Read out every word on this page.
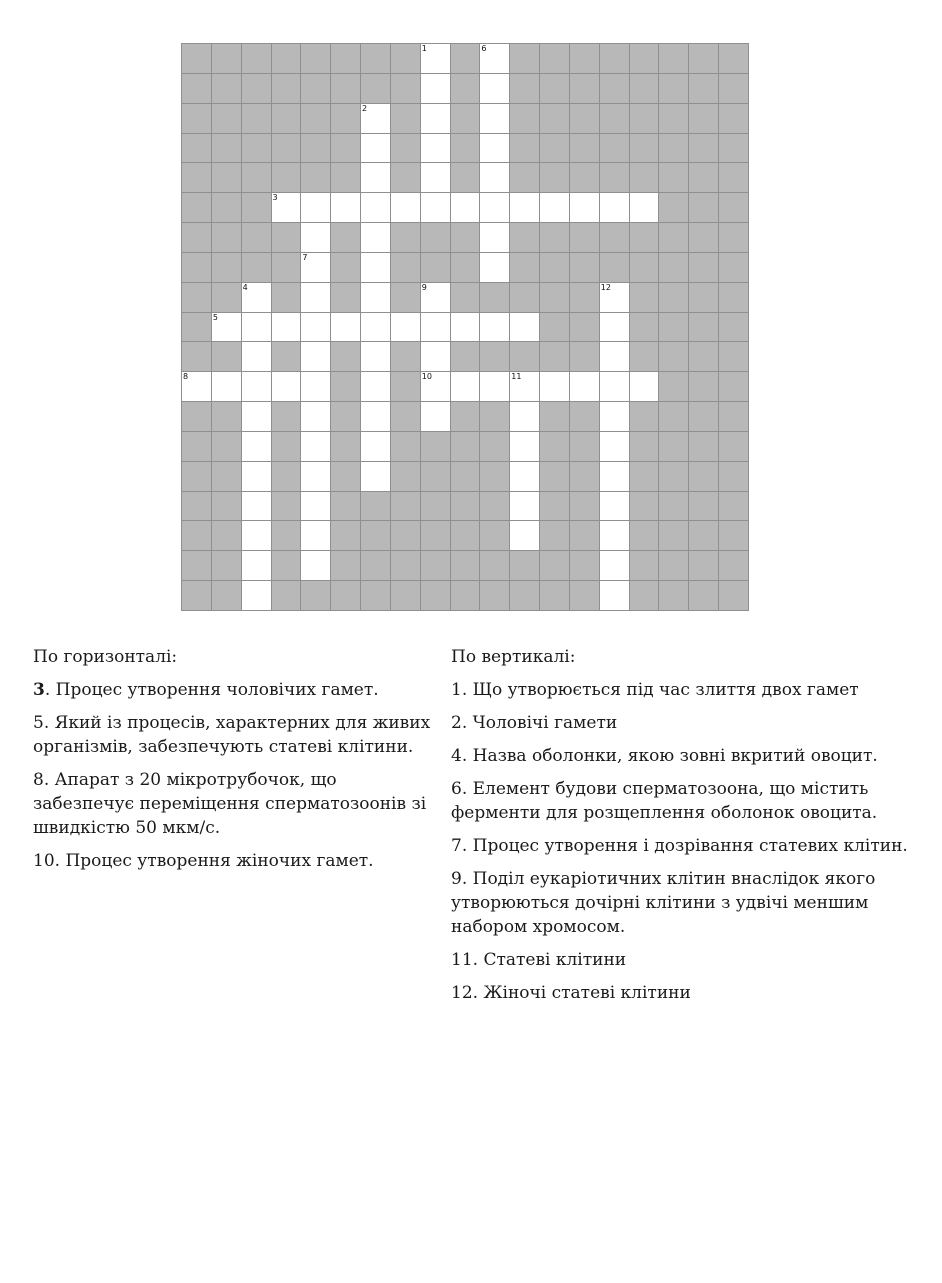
1	6
2
3
7
4	9	12
5
8	10	11

По горизонталі:

3. Процес утворення чоловічих гамет.

5. Який із процесів, характерних для живих організмів, забезпечують статеві клітини.

8. Апарат з 20 мікротрубочок, що забезпечує переміщення сперматозоонів зі швидкістю 50 мкм/с.

10. Процес утворення жіночих гамет.

По вертикалі:

1. Що утворюється під час злиття двох гамет

2. Чоловічі гамети

4. Назва оболонки, якою зовні вкритий овоцит.

6. Елемент будови сперматозоона, що містить ферменти для розщеплення оболонок овоцита.

7. Процес утворення і дозрівання статевих клітин.

9. Поділ еукаріотичних клітин внаслідок якого утворюються дочірні клітини з удвічі меншим набором хромосом.

11. Статеві клітини

12. Жіночі статеві клітини
